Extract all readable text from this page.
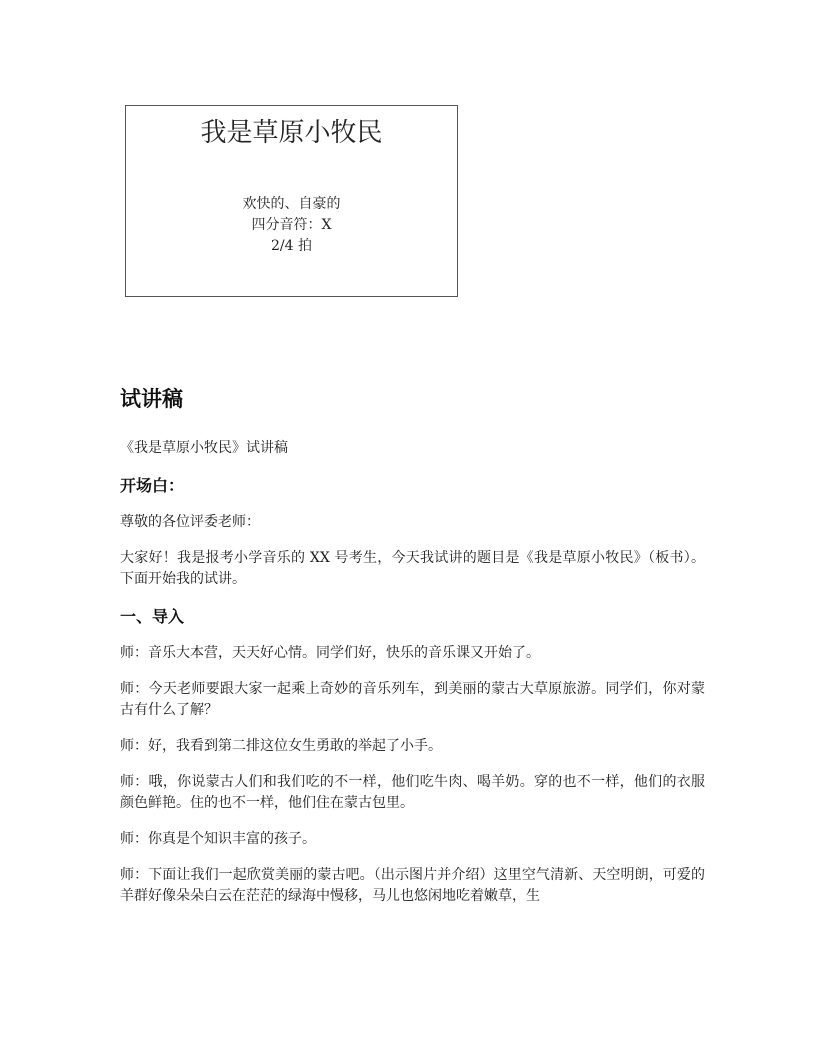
我是草原小牧民
欢快的、自豪的
四分音符：X
2/4 拍
试讲稿

《我是草原小牧民》试讲稿

开场白：

尊敬的各位评委老师：

大家好！我是报考小学音乐的 XX 号考生，今天我试讲的题目是《我是草原小牧民》（板书）。下面开始我的试讲。

一、导入

师：音乐大本营，天天好心情。同学们好，快乐的音乐课又开始了。

师：今天老师要跟大家一起乘上奇妙的音乐列车，到美丽的蒙古大草原旅游。同学们，你对蒙古有什么了解？

师：好，我看到第二排这位女生勇敢的举起了小手。

师：哦，你说蒙古人们和我们吃的不一样，他们吃牛肉、喝羊奶。穿的也不一样，他们的衣服颜色鲜艳。住的也不一样，他们住在蒙古包里。

师：你真是个知识丰富的孩子。

师：下面让我们一起欣赏美丽的蒙古吧。（出示图片并介绍）这里空气清新、天空明朗，可爱的羊群好像朵朵白云在茫茫的绿海中慢移，马儿也悠闲地吃着嫩草，生
